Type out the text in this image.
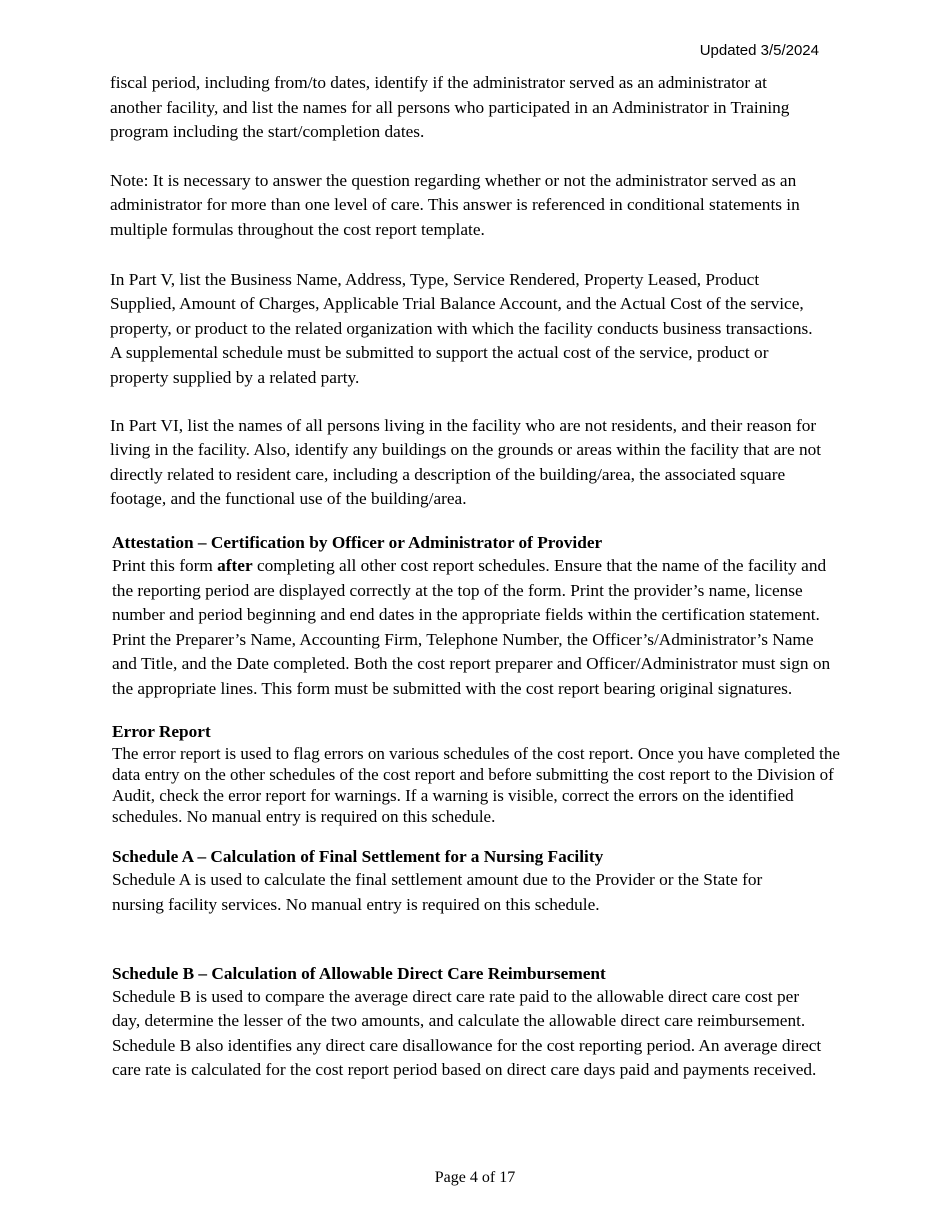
Updated 3/5/2024

fiscal period, including from/to dates, identify if the administrator served as an administrator at another facility, and list the names for all persons who participated in an Administrator in Training program including the start/completion dates.

Note: It is necessary to answer the question regarding whether or not the administrator served as an administrator for more than one level of care. This answer is referenced in conditional statements in multiple formulas throughout the cost report template.

In Part V, list the Business Name, Address, Type, Service Rendered, Property Leased, Product Supplied, Amount of Charges, Applicable Trial Balance Account, and the Actual Cost of the service, property, or product to the related organization with which the facility conducts business transactions. A supplemental schedule must be submitted to support the actual cost of the service, product or property supplied by a related party.

In Part VI, list the names of all persons living in the facility who are not residents, and their reason for living in the facility. Also, identify any buildings on the grounds or areas within the facility that are not directly related to resident care, including a description of the building/area, the associated square footage, and the functional use of the building/area.

Attestation – Certification by Officer or Administrator of Provider

Print this form after completing all other cost report schedules. Ensure that the name of the facility and the reporting period are displayed correctly at the top of the form. Print the provider’s name, license number and period beginning and end dates in the appropriate fields within the certification statement. Print the Preparer’s Name, Accounting Firm, Telephone Number, the Officer’s/Administrator’s Name and Title, and the Date completed. Both the cost report preparer and Officer/Administrator must sign on the appropriate lines. This form must be submitted with the cost report bearing original signatures.

Error Report

The error report is used to flag errors on various schedules of the cost report. Once you have completed the data entry on the other schedules of the cost report and before submitting the cost report to the Division of Audit, check the error report for warnings. If a warning is visible, correct the errors on the identified schedules. No manual entry is required on this schedule.

Schedule A – Calculation of Final Settlement for a Nursing Facility

Schedule A is used to calculate the final settlement amount due to the Provider or the State for nursing facility services. No manual entry is required on this schedule.

Schedule B – Calculation of Allowable Direct Care Reimbursement

Schedule B is used to compare the average direct care rate paid to the allowable direct care cost per day, determine the lesser of the two amounts, and calculate the allowable direct care reimbursement. Schedule B also identifies any direct care disallowance for the cost reporting period. An average direct care rate is calculated for the cost report period based on direct care days paid and payments received.

Page 4 of 17
